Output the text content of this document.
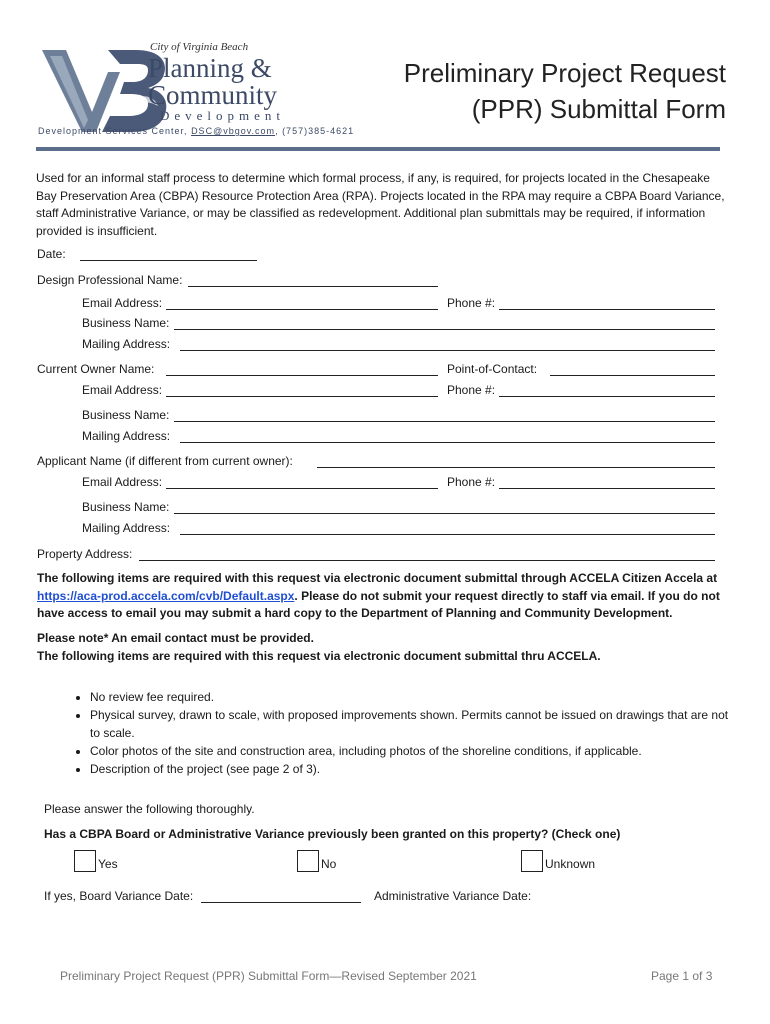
City of Virginia Beach
Planning &
Community
Development
Development Services Center, DSC@vbgov.com, (757)385-4621
Preliminary Project Request
(PPR) Submittal Form
Used for an informal staff process to determine which formal process, if any, is required, for projects located in the Chesapeake Bay Preservation Area (CBPA) Resource Protection Area (RPA). Projects located in the RPA may require a CBPA Board Variance, staff Administrative Variance, or may be classified as redevelopment. Additional plan submittals may be required, if information provided is insufficient.
Date:
Design Professional Name:
Email Address:	Phone #:
Business Name:
Mailing Address:
Current Owner Name:	Point-of-Contact:
Email Address:	Phone #:
Business Name:
Mailing Address:
Applicant Name (if different from current owner):
Email Address:	Phone #:
Business Name:
Mailing Address:
Property Address:
The following items are required with this request via electronic document submittal through ACCELA Citizen Accela at https://aca-prod.accela.com/cvb/Default.aspx. Please do not submit your request directly to staff via email. If you do not have access to email you may submit a hard copy to the Department of Planning and Community Development.
Please note* An email contact must be provided.
The following items are required with this request via electronic document submittal thru ACCELA.
• No review fee required.
• Physical survey, drawn to scale, with proposed improvements shown. Permits cannot be issued on drawings that are not to scale.
• Color photos of the site and construction area, including photos of the shoreline conditions, if applicable.
• Description of the project (see page 2 of 3).
Please answer the following thoroughly.
Has a CBPA Board or Administrative Variance previously been granted on this property? (Check one)
Yes	No	Unknown
If yes, Board Variance Date:	Administrative Variance Date:
Preliminary Project Request (PPR) Submittal Form—Revised September 2021	Page 1 of 3
